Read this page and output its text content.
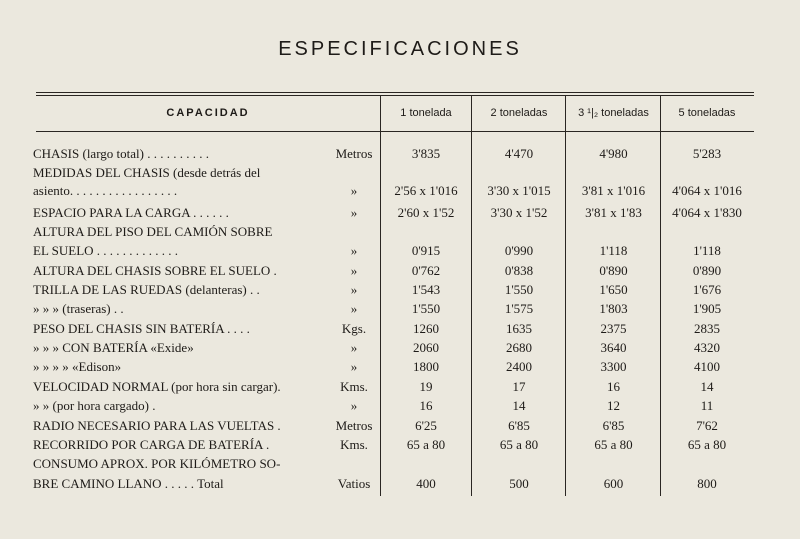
ESPECIFICACIONES
CAPACIDAD	1 tonelada	2 toneladas	3 ¹|₂ toneladas	5 toneladas
CHASIS (largo total) . . . . . . . . . .	Metros	3'835	4'470	4'980	5'283
MEDIDAS DEL CHASIS (desde detrás del
asiento. . . . . . . . . . . . . . . . .	»	2'56 x 1'016	3'30 x 1'015	3'81 x 1'016	4'064 x 1'016
ESPACIO PARA LA CARGA . . . . . .	»	2'60 x 1'52	3'30 x 1'52	3'81 x 1'83	4'064 x 1'830
ALTURA DEL PISO DEL CAMIÓN SOBRE
EL SUELO . . . . . . . . . . . . .	»	0'915	0'990	1'118	1'118
ALTURA DEL CHASIS SOBRE EL SUELO .	»	0'762	0'838	0'890	0'890
TRILLA DE LAS RUEDAS (delanteras) . .	»	1'543	1'550	1'650	1'676
» » » (traseras) . .	»	1'550	1'575	1'803	1'905
PESO DEL CHASIS SIN BATERÍA . . . .	Kgs.	1260	1635	2375	2835
» » » CON BATERÍA «Exide»	»	2060	2680	3640	4320
» » » » «Edison»	»	1800	2400	3300	4100
VELOCIDAD NORMAL (por hora sin cargar).	Kms.	19	17	16	14
» » (por hora cargado) .	»	16	14	12	11
RADIO NECESARIO PARA LAS VUELTAS .	Metros	6'25	6'85	6'85	7'62
RECORRIDO POR CARGA DE BATERÍA .	Kms.	65 a 80	65 a 80	65 a 80	65 a 80
CONSUMO APROX. POR KILÓMETRO SO-
BRE CAMINO LLANO . . . . . Total	Vatios	400	500	600	800
